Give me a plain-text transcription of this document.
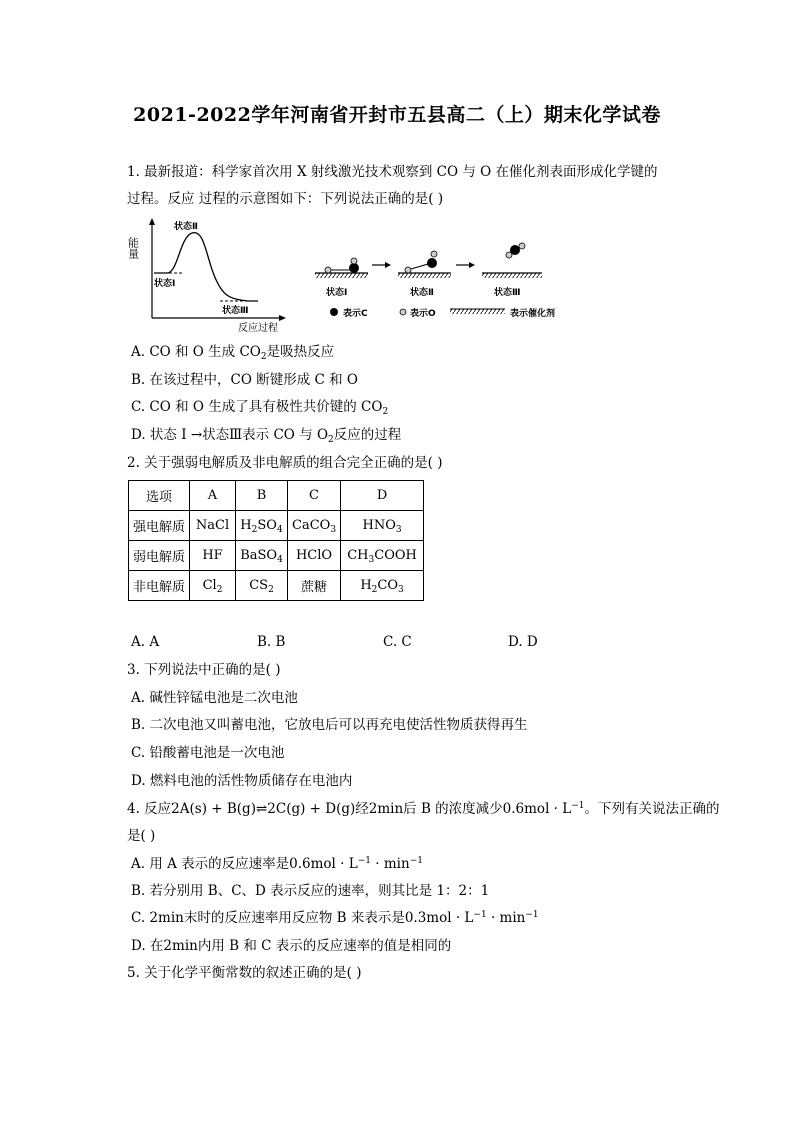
2021-2022学年河南省开封市五县高二（上）期末化学试卷
1. 最新报道：科学家首次用 X 射线激光技术观察到 CO 与 O 在催化剂表面形成化学键的
过程。反应 过程的示意图如下：下列说法正确的是( )
能量
反应过程
状态Ⅱ
状态Ⅰ
状态Ⅲ
状态Ⅰ	状态Ⅱ	状态Ⅲ
表示C	表示O	表示催化剂
A. CO 和 O 生成 $CO_2$是吸热反应
B. 在该过程中，CO 断键形成 C 和 O
C. CO 和 O 生成了具有极性共价键的 $CO_2$
D. 状态 Ⅰ →状态Ⅲ表示 CO 与 $O_2$反应的过程
2. 关于强弱电解质及非电解质的组合完全正确的是( )
选项	A	B	C	D
强电解质	NaCl	$H_2SO_4$	CaCO$_3$	$HNO_3$
弱电解质	HF	BaSO$_4$	HClO	$CH_3COOH$
非电解质	$Cl_2$	$CS_2$	蔗糖	$H_2CO_3$
A. A	B. B	C. C	D. D
3. 下列说法中正确的是( )
A. 碱性锌锰电池是二次电池
B. 二次电池又叫蓄电池，它放电后可以再充电使活性物质获得再生
C. 铅酸蓄电池是一次电池
D. 燃料电池的活性物质储存在电池内
4. 反应2A(s) + B(g)⇌2C(g) + D(g)经2min后 B 的浓度减少$0.6mol \cdot L^{-1}$。下列有关说法正确的
是( )
A. 用 A 表示的反应速率是$0.6mol \cdot L^{-1} \cdot \min^{-1}$
B. 若分别用 B、C、D 表示反应的速率，则其比是 1：2：1
C. 2min末时的反应速率用反应物 B 来表示是$0.3mol \cdot L^{-1} \cdot \min^{-1}$
D. 在2min内用 B 和 C 表示的反应速率的值是相同的
5. 关于化学平衡常数的叙述正确的是( )
